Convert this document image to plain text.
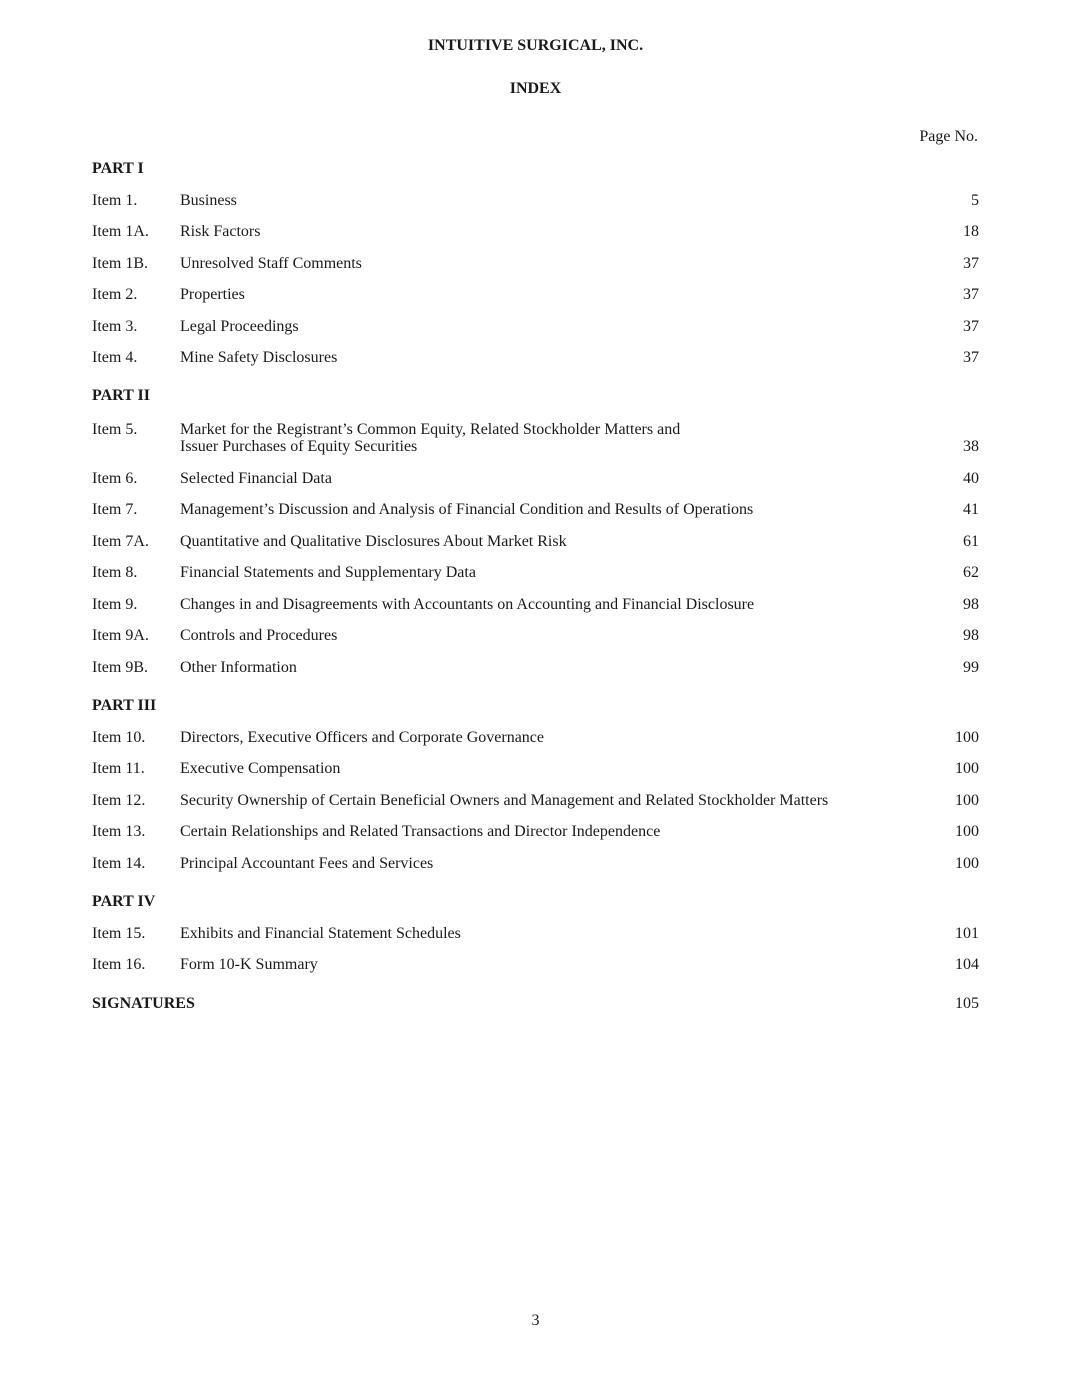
INTUITIVE SURGICAL, INC.
INDEX
Page No.
PART I
Item 1.	Business	5
Item 1A. Risk Factors	18
Item 1B. Unresolved Staff Comments	37
Item 2.	Properties	37
Item 3.	Legal Proceedings	37
Item 4.	Mine Safety Disclosures	37
PART II
Item 5.	Market for the Registrant’s Common Equity, Related Stockholder Matters and
Issuer Purchases of Equity Securities	38
Item 6.	Selected Financial Data	40
Item 7.	Management’s Discussion and Analysis of Financial Condition and Results of Operations	41
Item 7A. Quantitative and Qualitative Disclosures About Market Risk	61
Item 8.	Financial Statements and Supplementary Data	62
Item 9.	Changes in and Disagreements with Accountants on Accounting and Financial Disclosure	98
Item 9A. Controls and Procedures	98
Item 9B. Other Information	99
PART III
Item 10. Directors, Executive Officers and Corporate Governance	100
Item 11. Executive Compensation	100
Item 12. Security Ownership of Certain Beneficial Owners and Management and Related Stockholder Matters	100
Item 13. Certain Relationships and Related Transactions and Director Independence	100
Item 14. Principal Accountant Fees and Services	100
PART IV
Item 15. Exhibits and Financial Statement Schedules	101
Item 16. Form 10-K Summary	104
SIGNATURES	105
3
